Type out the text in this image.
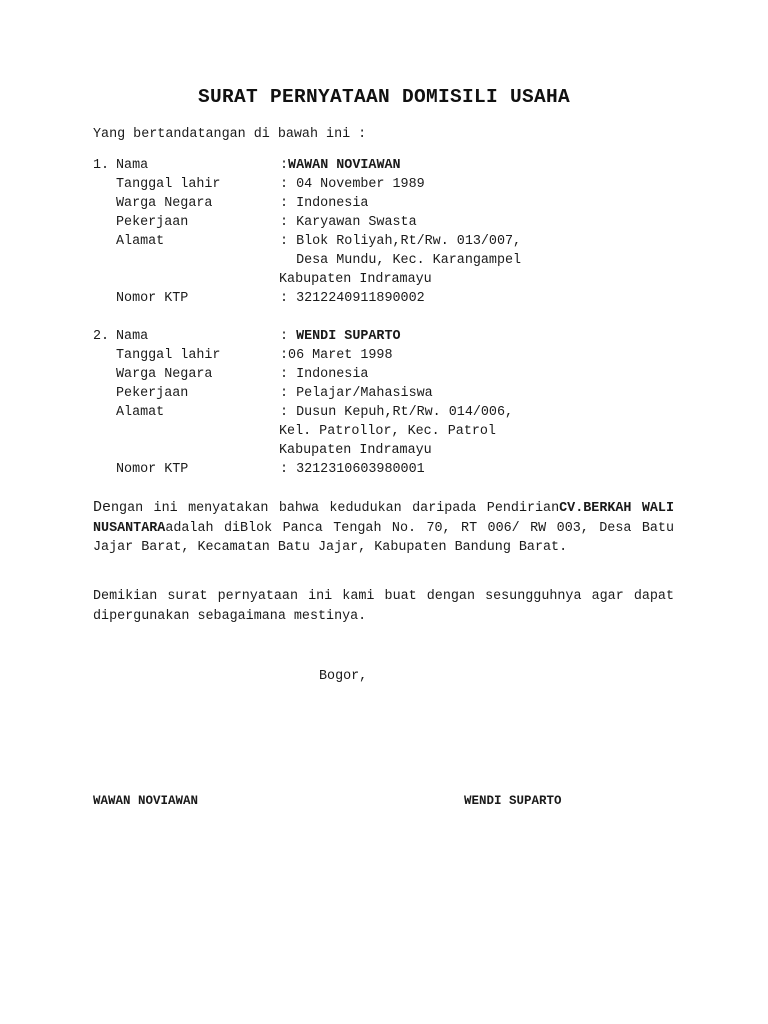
SURAT PERNYATAAN DOMISILI USAHA
Yang bertandatangan di bawah ini :
1. Nama	:WAWAN NOVIAWAN
Tanggal lahir	: 04 November 1989
Warga Negara	: Indonesia
Pekerjaan	: Karyawan Swasta
Alamat	: Blok Roliyah,Rt/Rw. 013/007,
Desa Mundu, Kec. Karangampel
Kabupaten Indramayu
Nomor KTP	: 3212240911890002
2. Nama	: WENDI SUPARTO
Tanggal lahir	:06 Maret 1998
Warga Negara	: Indonesia
Pekerjaan	: Pelajar/Mahasiswa
Alamat	: Dusun Kepuh,Rt/Rw. 014/006,
Kel. Patrollor, Kec. Patrol
Kabupaten Indramayu
Nomor KTP	: 3212310603980001
Dengan ini menyatakan bahwa kedudukan daripada PendirianCV.BERKAH WALI NUSANTARAadalah diBlok Panca Tengah No. 70, RT 006/ RW 003, Desa Batu Jajar Barat, Kecamatan Batu Jajar, Kabupaten Bandung Barat.
Demikian surat pernyataan ini kami buat dengan sesungguhnya agar dapat dipergunakan sebagaimana mestinya.
Bogor,
WAWAN NOVIAWAN	WENDI SUPARTO
